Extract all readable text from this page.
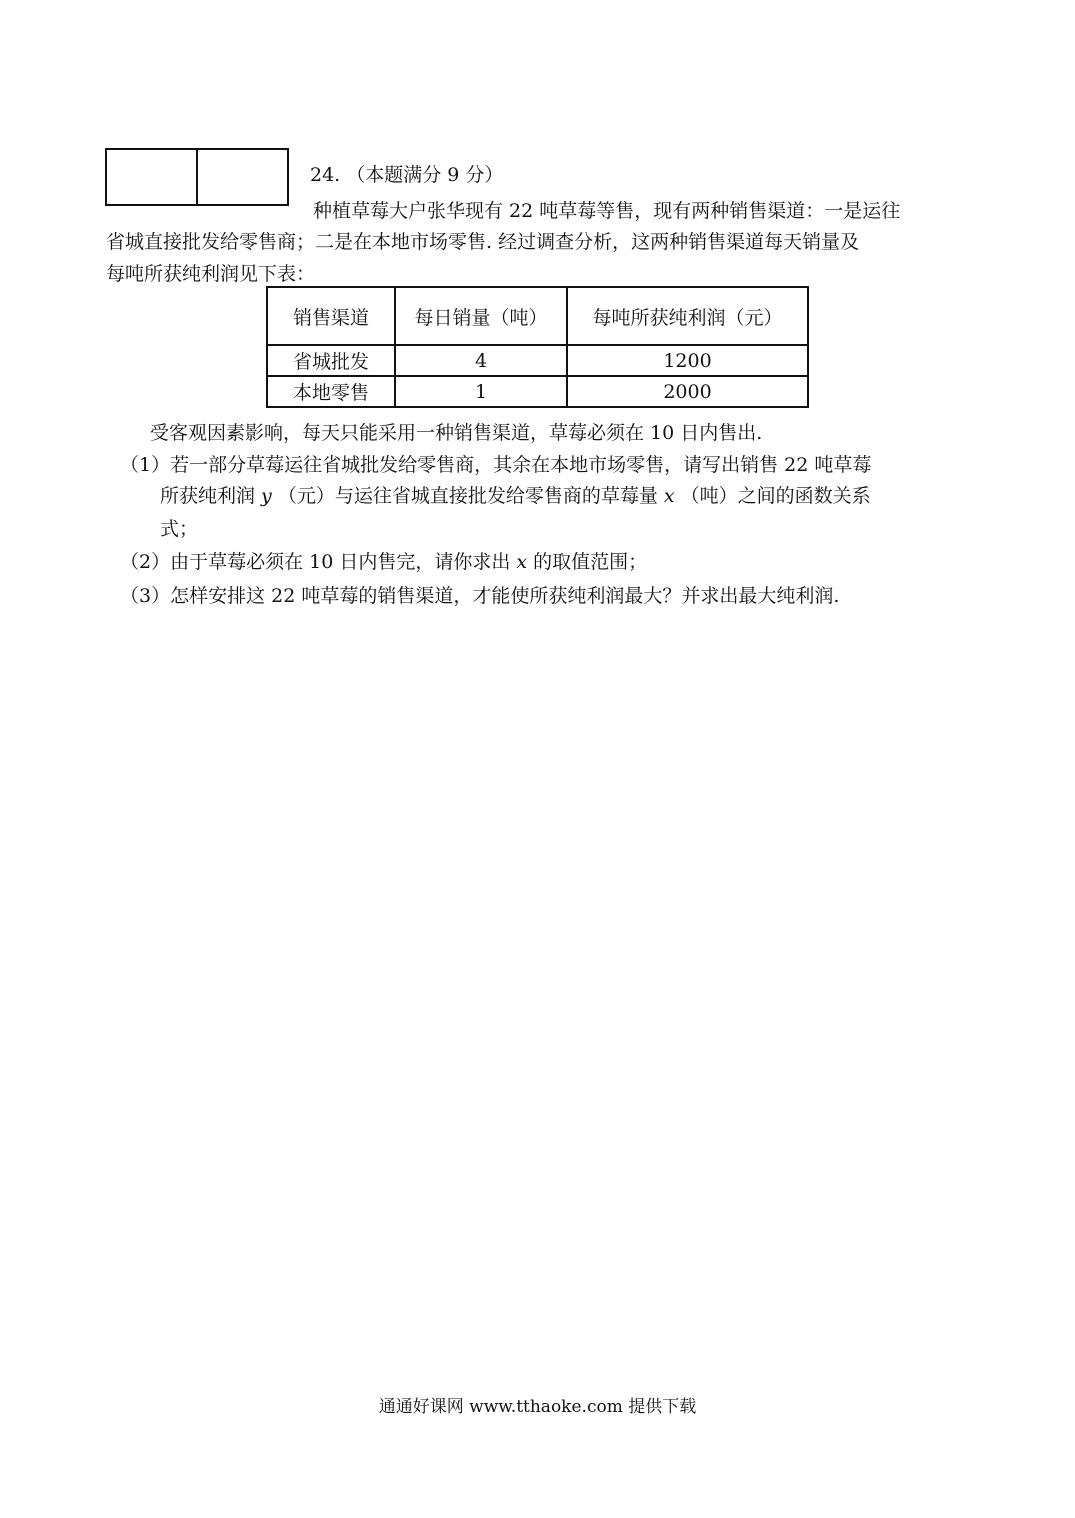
24. （本题满分 9 分）
种植草莓大户张华现有 22 吨草莓等售，现有两种销售渠道：一是运往
省城直接批发给零售商；二是在本地市场零售. 经过调查分析，这两种销售渠道每天销量及
每吨所获纯利润见下表：
销售渠道	每日销量（吨）	每吨所获纯利润（元）
省城批发	4	1200
本地零售	1	2000
受客观因素影响，每天只能采用一种销售渠道，草莓必须在 10 日内售出.
（1）若一部分草莓运往省城批发给零售商，其余在本地市场零售，请写出销售 22 吨草莓
所获纯利润 y （元）与运往省城直接批发给零售商的草莓量 x （吨）之间的函数关系
式；
（2）由于草莓必须在 10 日内售完，请你求出 x 的取值范围；
（3）怎样安排这 22 吨草莓的销售渠道，才能使所获纯利润最大？并求出最大纯利润.
通通好课网 www.tthaoke.com 提供下载
